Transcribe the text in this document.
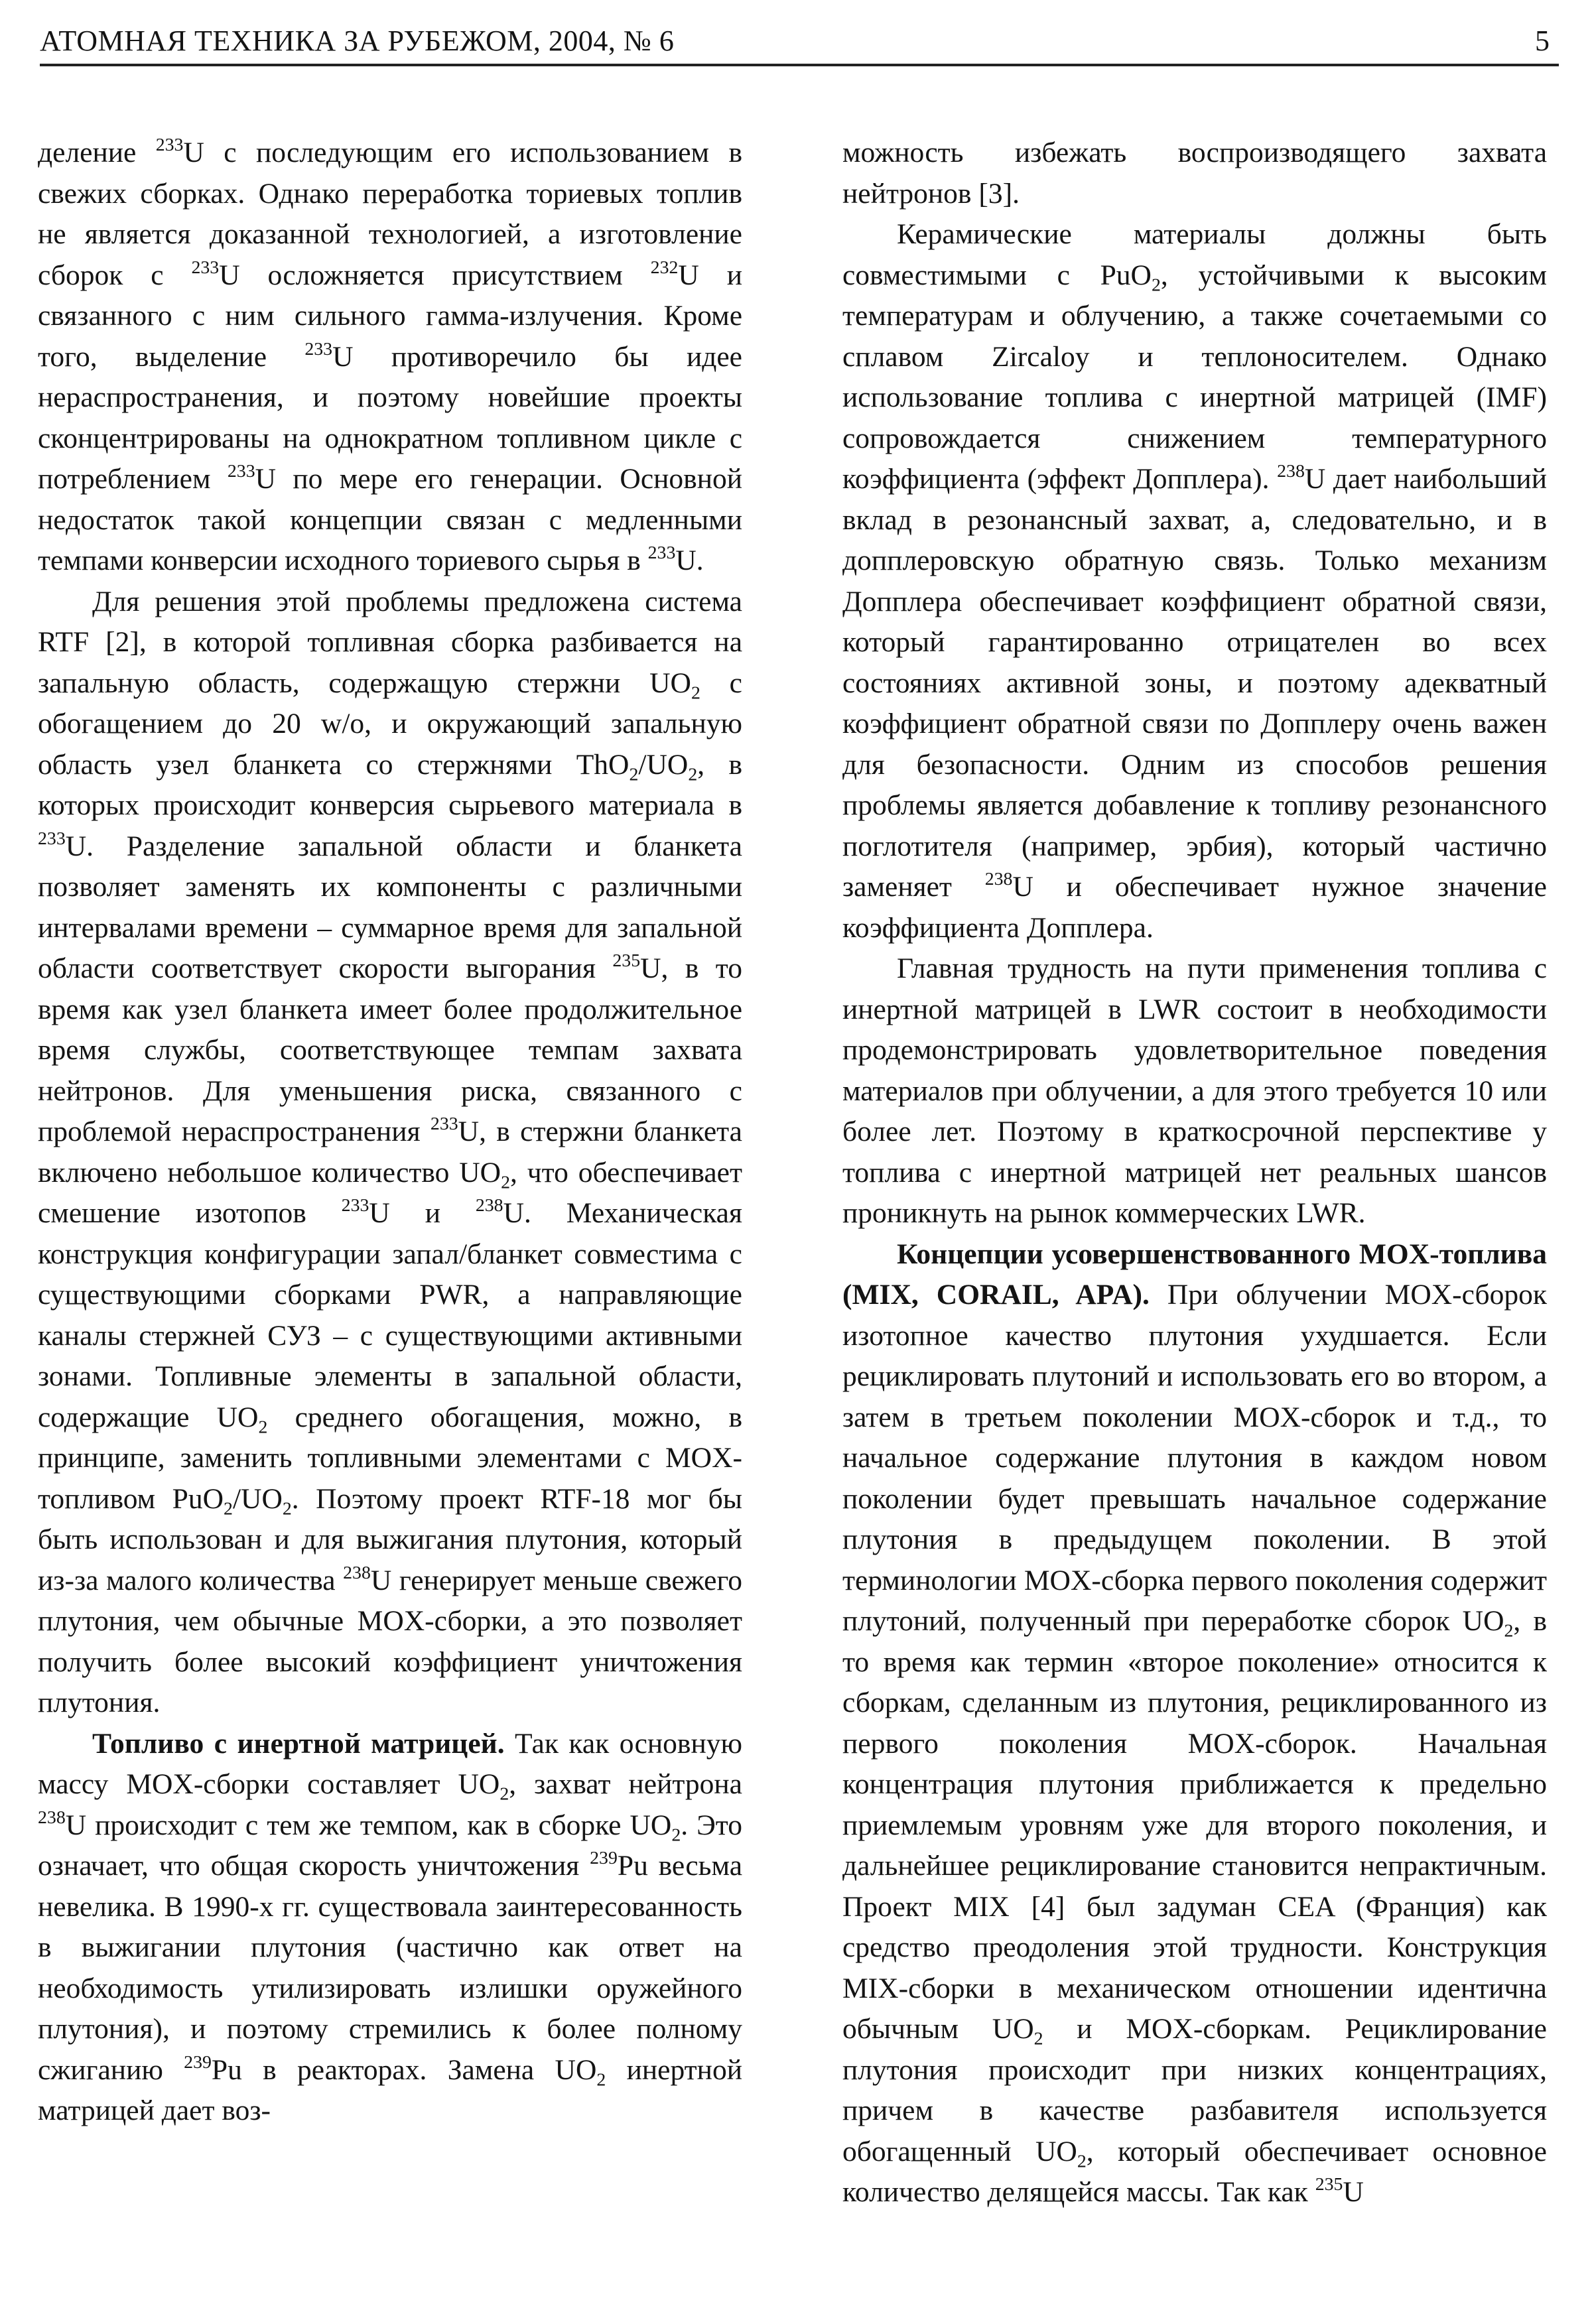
АТОМНАЯ ТЕХНИКА ЗА РУБЕЖОМ, 2004, № 6	5

деление $^{233}$U с последующим его использованием в свежих сборках. Однако переработка ториевых топлив не является доказанной технологией, а изготовление сборок с $^{233}$U осложняется присутствием $^{232}$U и связанного с ним сильного гамма-излучения. Кроме того, выделение $^{233}$U противоречило бы идее нераспространения, и поэтому новейшие проекты сконцентрированы на однократном топливном цикле с потреблением $^{233}$U по мере его генерации. Основной недостаток такой концепции связан с медленными темпами конверсии исходного ториевого сырья в $^{233}$U.

Для решения этой проблемы предложена система RTF [2], в которой топливная сборка разбивается на запальную область, содержащую стержни $UO_2$ с обогащением до 20 w/o, и окружающий запальную область узел бланкета со стержнями $ThO_2/UO_2$, в которых происходит конверсия сырьевого материала в $^{233}$U. Разделение запальной области и бланкета позволяет заменять их компоненты с различными интервалами времени – суммарное время для запальной области соответствует скорости выгорания $^{235}$U, в то время как узел бланкета имеет более продолжительное время службы, соответствующее темпам захвата нейтронов. Для уменьшения риска, связанного с проблемой нераспространения $^{233}$U, в стержни бланкета включено небольшое количество $UO_2$, что обеспечивает смешение изотопов $^{233}$U и $^{238}$U. Механическая конструкция конфигурации запал/бланкет совместима с существующими сборками PWR, а направляющие каналы стержней СУЗ – с существующими активными зонами. Топливные элементы в запальной области, содержащие $UO_2$ среднего обогащения, можно, в принципе, заменить топливными элементами с MOX-топливом $PuO_2/UO_2$. Поэтому проект RTF-18 мог бы быть использован и для выжигания плутония, который из-за малого количества $^{238}$U генерирует меньше свежего плутония, чем обычные MOX-сборки, а это позволяет получить более высокий коэффициент уничтожения плутония.

Топливо с инертной матрицей. Так как основную массу MOX-сборки составляет $UO_2$, захват нейтрона $^{238}$U происходит с тем же темпом, как в сборке $UO_2$. Это означает, что общая скорость уничтожения $^{239}$Pu весьма невелика. В 1990-х гг. существовала заинтересованность в выжигании плутония (частично как ответ на необходимость утилизировать излишки оружейного плутония), и поэтому стремились к более полному сжиганию $^{239}$Pu в реакторах. Замена $UO_2$ инертной матрицей дает воз-

можность избежать воспроизводящего захвата нейтронов [3].

Керамические материалы должны быть совместимыми с PuO$_2$, устойчивыми к высоким температурам и облучению, а также сочетаемыми со сплавом Zircaloy и теплоносителем. Однако использование топлива с инертной матрицей (IMF) сопровождается снижением температурного коэффициента (эффект Допплера). $^{238}$U дает наибольший вклад в резонансный захват, а, следовательно, и в допплеровскую обратную связь. Только механизм Допплера обеспечивает коэффициент обратной связи, который гарантированно отрицателен во всех состояниях активной зоны, и поэтому адекватный коэффициент обратной связи по Допплеру очень важен для безопасности. Одним из способов решения проблемы является добавление к топливу резонансного поглотителя (например, эрбия), который частично заменяет $^{238}$U и обеспечивает нужное значение коэффициента Допплера.

Главная трудность на пути применения топлива с инертной матрицей в LWR состоит в необходимости продемонстрировать удовлетворительное поведения материалов при облучении, а для этого требуется 10 или более лет. Поэтому в краткосрочной перспективе у топлива с инертной матрицей нет реальных шансов проникнуть на рынок коммерческих LWR.

Концепции усовершенствованного MOX-топлива (MIX, CORAIL, APA). При облучении MOX-сборок изотопное качество плутония ухудшается. Если рециклировать плутоний и использовать его во втором, а затем в третьем поколении MOX-сборок и т.д., то начальное содержание плутония в каждом новом поколении будет превышать начальное содержание плутония в предыдущем поколении. В этой терминологии MOX-сборка первого поколения содержит плутоний, полученный при переработке сборок $UO_2$, в то время как термин «второе поколение» относится к сборкам, сделанным из плутония, рециклированного из первого поколения MOX-сборок. Начальная концентрация плутония приближается к предельно приемлемым уровням уже для второго поколения, и дальнейшее рециклирование становится непрактичным. Проект MIX [4] был задуман CEA (Франция) как средство преодоления этой трудности. Конструкция MIX-сборки в механическом отношении идентична обычным $UO_2$ и MOX-сборкам. Рециклирование плутония происходит при низких концентрациях, причем в качестве разбавителя используется обогащенный $UO_2$, который обеспечивает основное количество делящейся массы. Так как $^{235}$U
